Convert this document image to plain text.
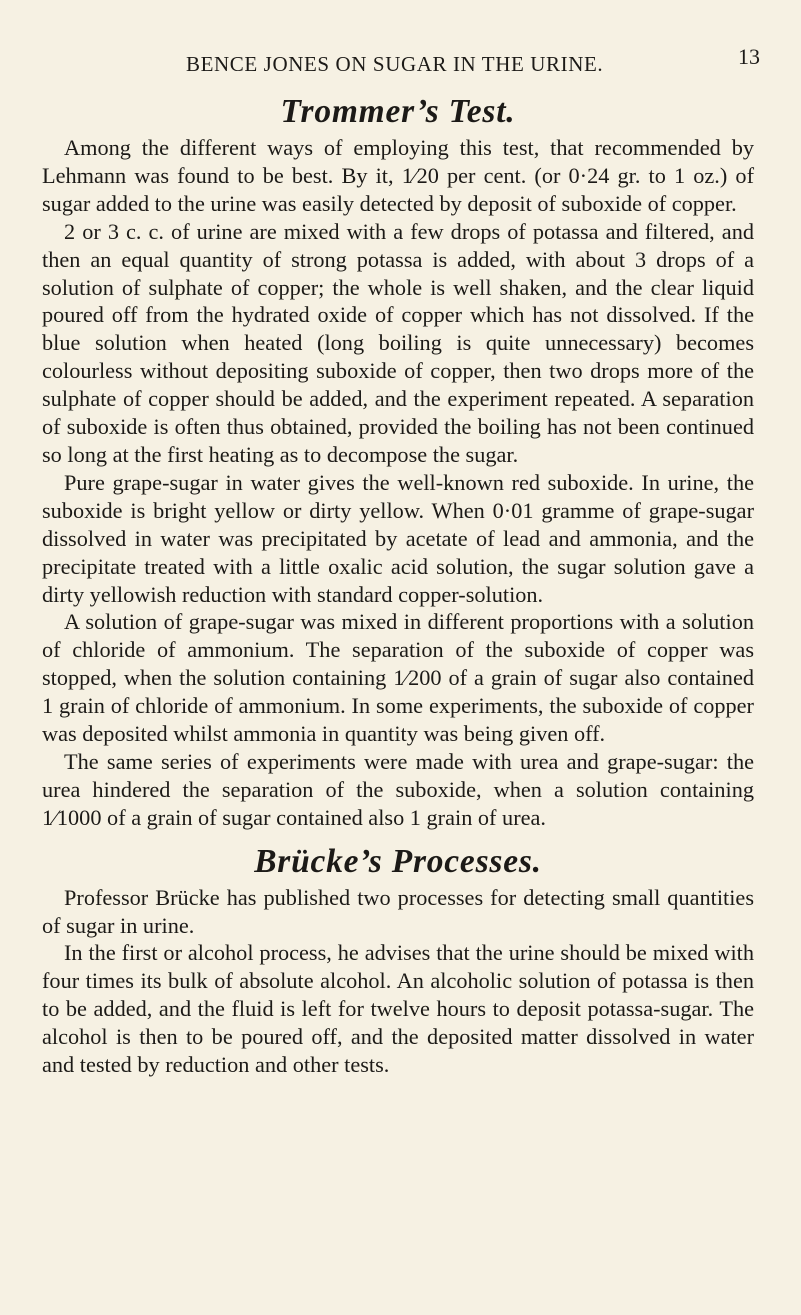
BENCE JONES ON SUGAR IN THE URINE.	13
Trommer’s Test.

Among the different ways of employing this test, that recommended by Lehmann was found to be best. By it, 1⁄20 per cent. (or 0·24 gr. to 1 oz.) of sugar added to the urine was easily detected by deposit of suboxide of copper.

2 or 3 c. c. of urine are mixed with a few drops of potassa and filtered, and then an equal quantity of strong potassa is added, with about 3 drops of a solution of sulphate of copper; the whole is well shaken, and the clear liquid poured off from the hydrated oxide of copper which has not dissolved. If the blue solution when heated (long boiling is quite unnecessary) becomes colourless without depositing suboxide of copper, then two drops more of the sulphate of copper should be added, and the experiment repeated. A separation of suboxide is often thus obtained, provided the boiling has not been continued so long at the first heating as to decompose the sugar.

Pure grape-sugar in water gives the well-known red suboxide. In urine, the suboxide is bright yellow or dirty yellow. When 0·01 gramme of grape-sugar dissolved in water was precipitated by acetate of lead and ammonia, and the precipitate treated with a little oxalic acid solution, the sugar solution gave a dirty yellowish reduction with standard copper-solution.

A solution of grape-sugar was mixed in different proportions with a solution of chloride of ammonium. The separation of the suboxide of copper was stopped, when the solution containing 1⁄200 of a grain of sugar also contained 1 grain of chloride of ammonium. In some experiments, the suboxide of copper was deposited whilst ammonia in quantity was being given off.

The same series of experiments were made with urea and grape-sugar: the urea hindered the separation of the suboxide, when a solution containing 1⁄1000 of a grain of sugar contained also 1 grain of urea.

Brücke’s Processes.

Professor Brücke has published two processes for detecting small quantities of sugar in urine.

In the first or alcohol process, he advises that the urine should be mixed with four times its bulk of absolute alcohol. An alcoholic solution of potassa is then to be added, and the fluid is left for twelve hours to deposit potassa-sugar. The alcohol is then to be poured off, and the deposited matter dissolved in water and tested by reduction and other tests.
